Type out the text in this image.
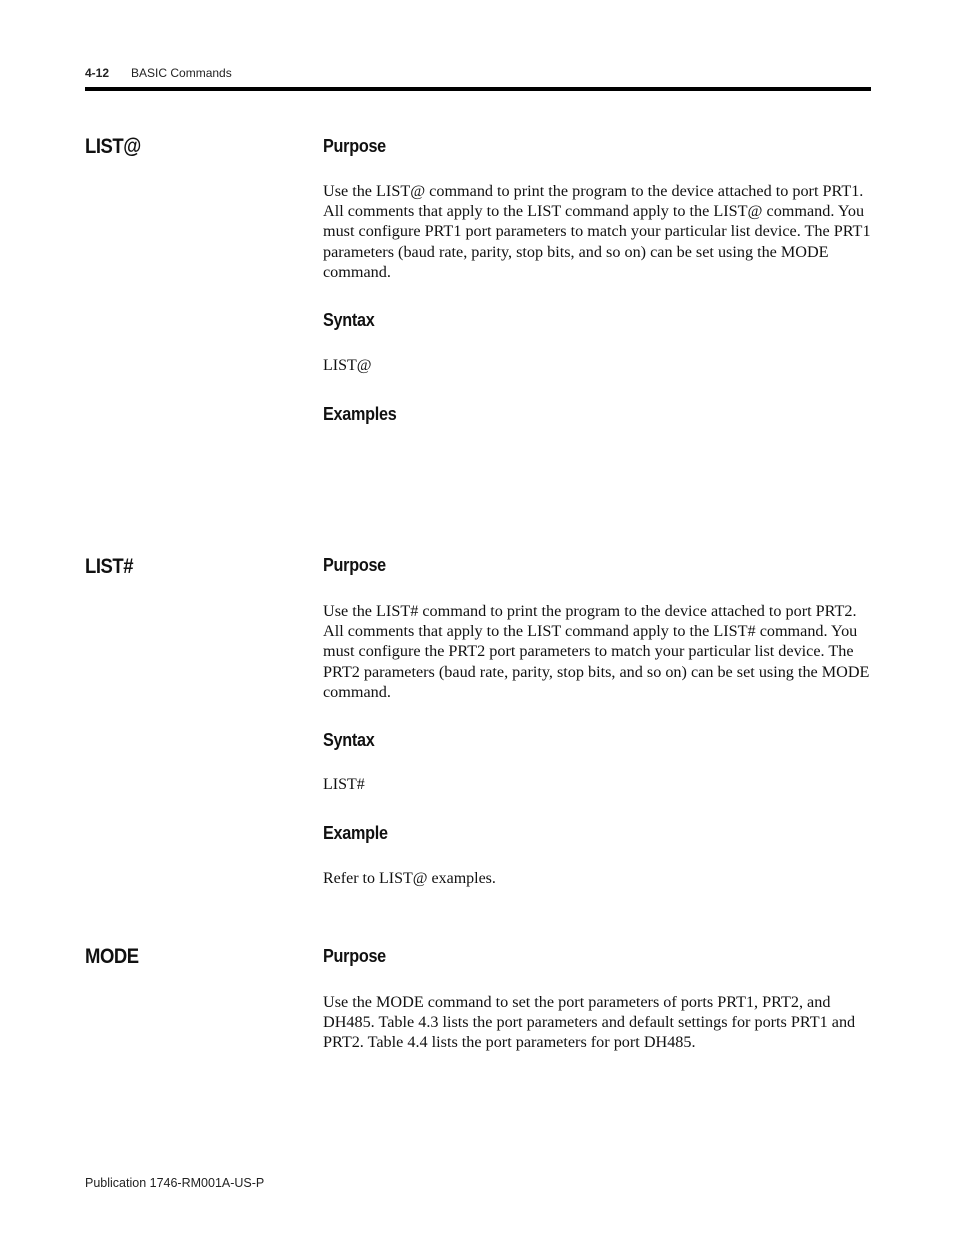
4-12 BASIC Commands
LIST@	Purpose
Use the LIST@ command to print the program to the device attached to port PRT1. All comments that apply to the LIST command apply to the LIST@ command. You must configure PRT1 port parameters to match your particular list device. The PRT1 parameters (baud rate, parity, stop bits, and so on) can be set using the MODE command.
Syntax
LIST@
Examples
LIST#	Purpose
Use the LIST# command to print the program to the device attached to port PRT2. All comments that apply to the LIST command apply to the LIST# command. You must configure the PRT2 port parameters to match your particular list device. The PRT2 parameters (baud rate, parity, stop bits, and so on) can be set using the MODE command.
Syntax
LIST#
Example
Refer to LIST@ examples.
MODE	Purpose
Use the MODE command to set the port parameters of ports PRT1, PRT2, and DH485. Table 4.3 lists the port parameters and default settings for ports PRT1 and PRT2. Table 4.4 lists the port parameters for port DH485.
Publication 1746-RM001A-US-P
